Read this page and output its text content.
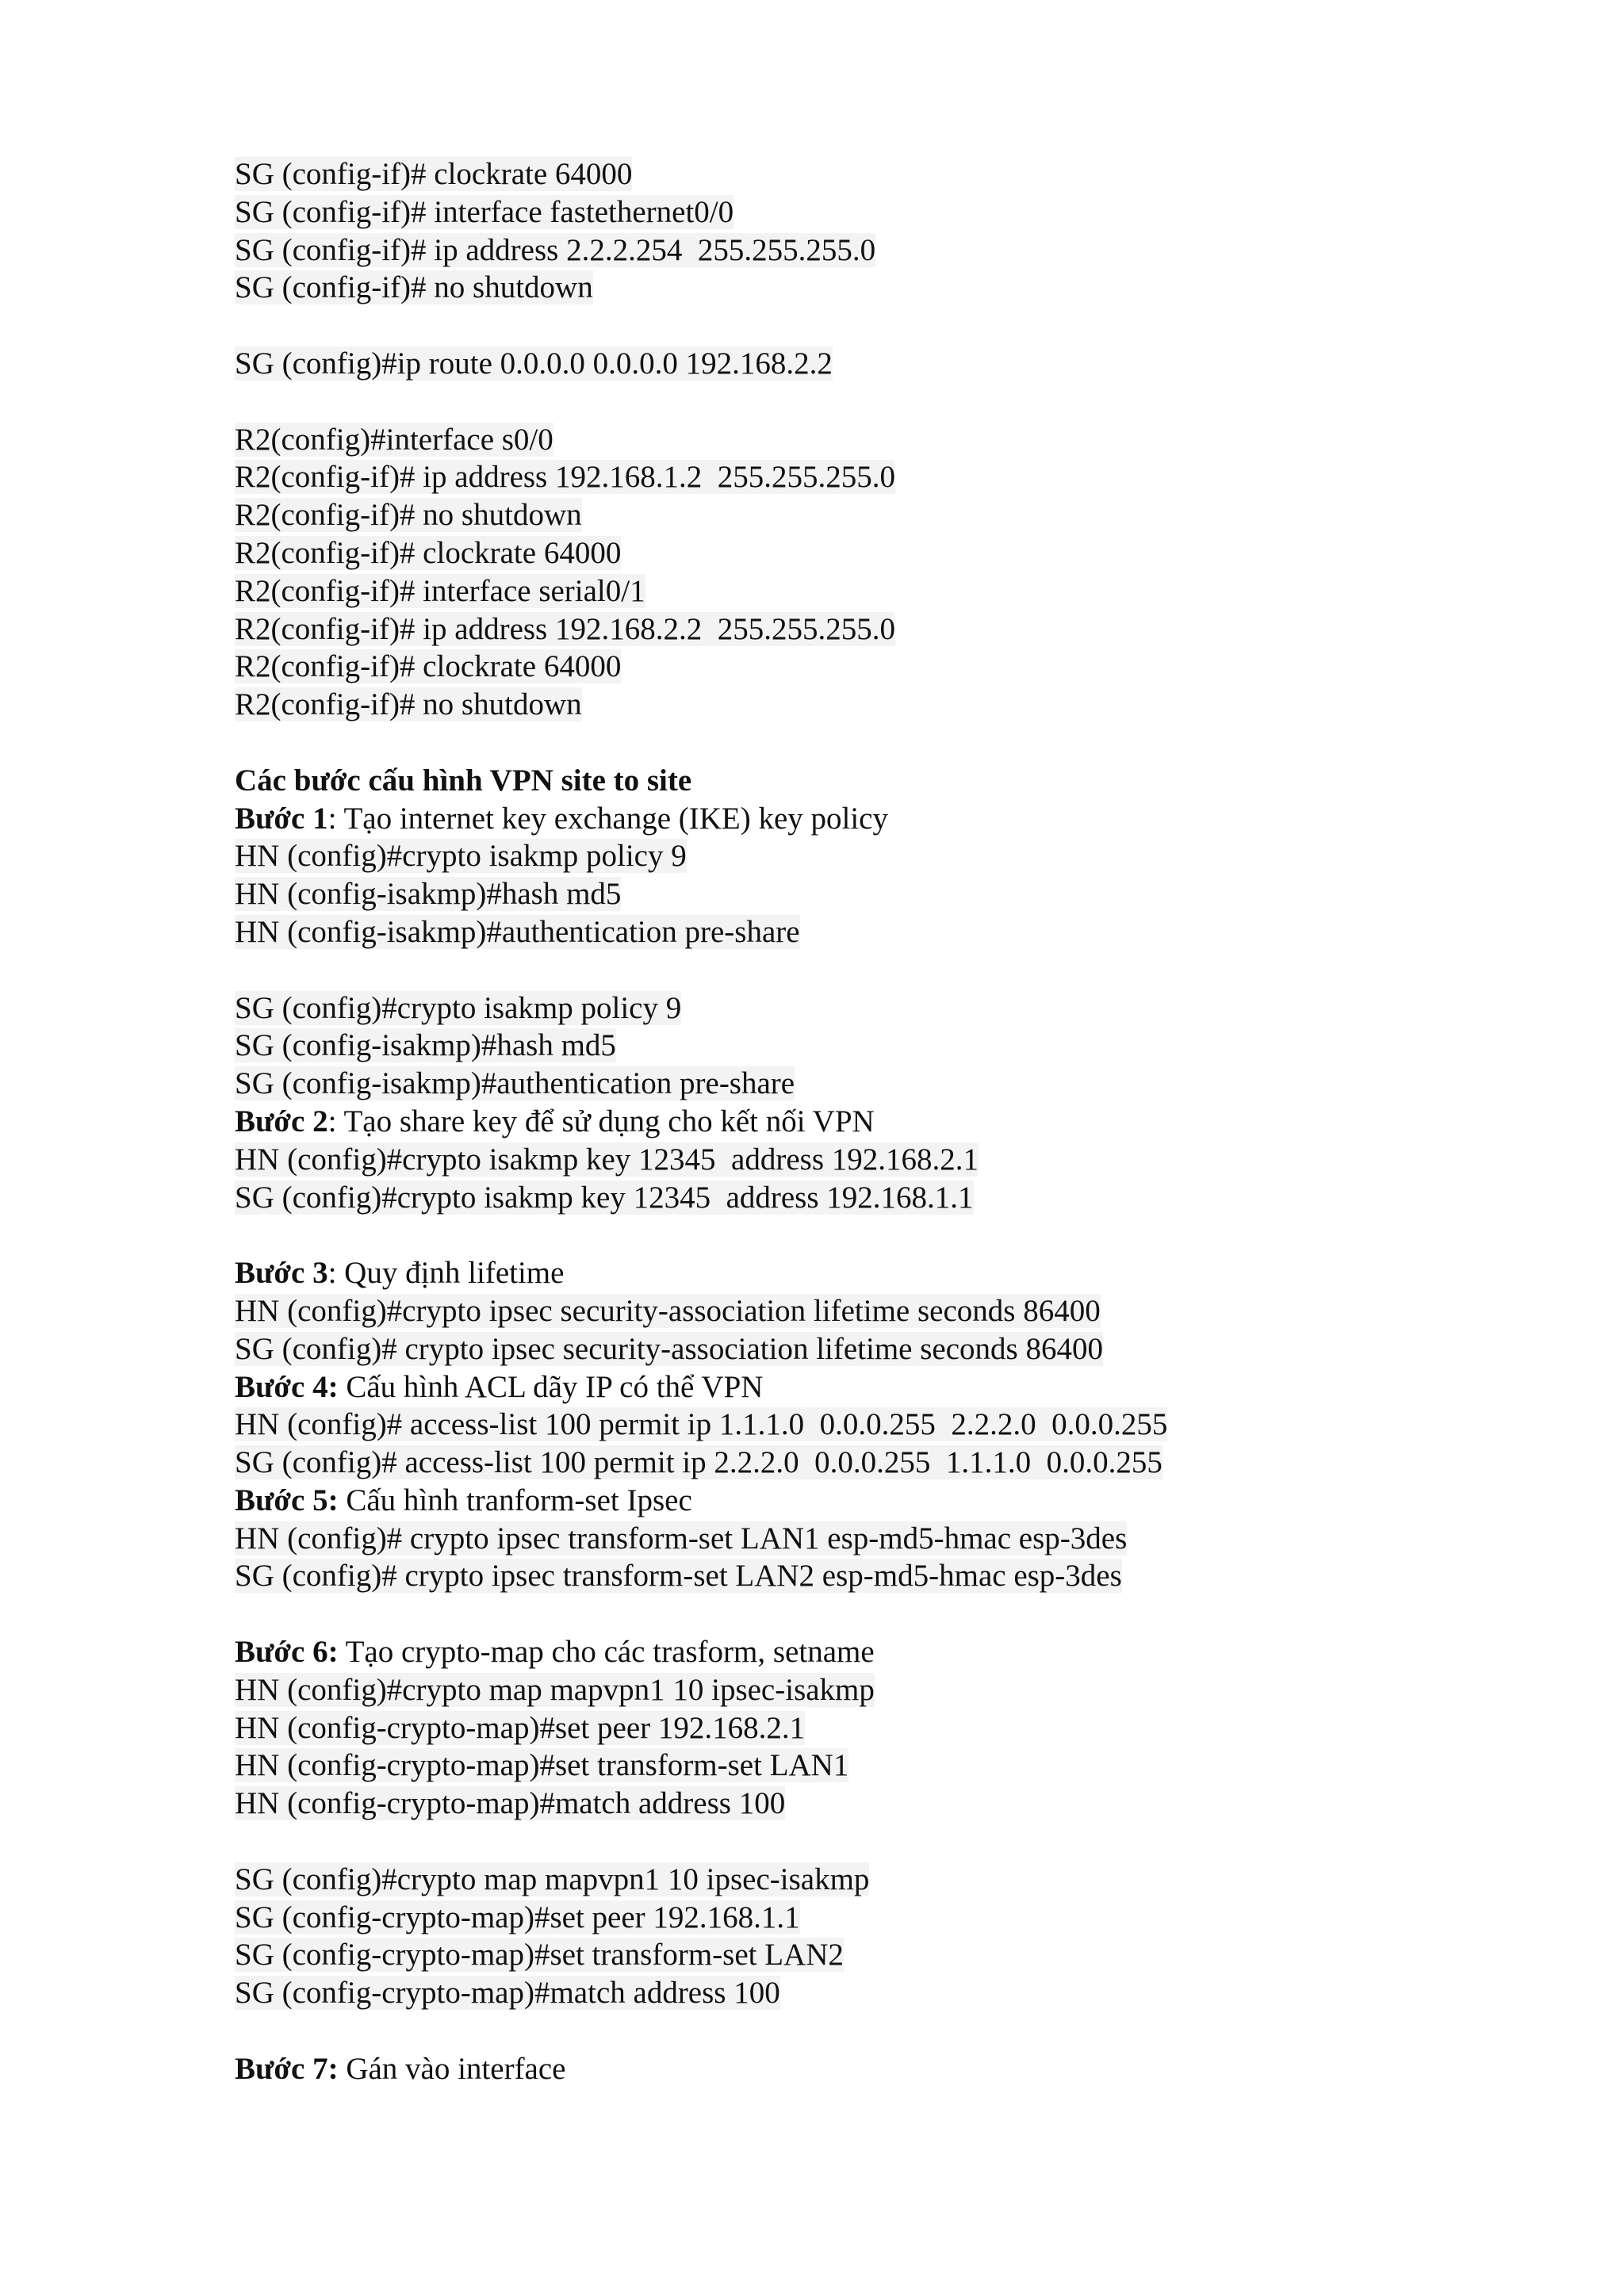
SG (config-if)# clockrate 64000
SG (config-if)# interface fastethernet0/0
SG (config-if)# ip address 2.2.2.254  255.255.255.0
SG (config-if)# no shutdown
SG (config)#ip route 0.0.0.0 0.0.0.0 192.168.2.2
R2(config)#interface s0/0
R2(config-if)# ip address 192.168.1.2  255.255.255.0
R2(config-if)# no shutdown
R2(config-if)# clockrate 64000
R2(config-if)# interface serial0/1
R2(config-if)# ip address 192.168.2.2  255.255.255.0
R2(config-if)# clockrate 64000
R2(config-if)# no shutdown
Các bước cấu hình VPN site to site
Bước 1: Tạo internet key exchange (IKE) key policy
HN (config)#crypto isakmp policy 9
HN (config-isakmp)#hash md5
HN (config-isakmp)#authentication pre-share
SG (config)#crypto isakmp policy 9
SG (config-isakmp)#hash md5
SG (config-isakmp)#authentication pre-share
Bước 2: Tạo share key để sử dụng cho kết nối VPN
HN (config)#crypto isakmp key 12345  address 192.168.2.1
SG (config)#crypto isakmp key 12345  address 192.168.1.1
Bước 3: Quy định lifetime
HN (config)#crypto ipsec security-association lifetime seconds 86400
SG (config)# crypto ipsec security-association lifetime seconds 86400
Bước 4: Cấu hình ACL dãy IP có thể VPN
HN (config)# access-list 100 permit ip 1.1.1.0  0.0.0.255  2.2.2.0  0.0.0.255
SG (config)# access-list 100 permit ip 2.2.2.0  0.0.0.255  1.1.1.0  0.0.0.255
Bước 5: Cấu hình tranform-set Ipsec
HN (config)# crypto ipsec transform-set LAN1 esp-md5-hmac esp-3des
SG (config)# crypto ipsec transform-set LAN2 esp-md5-hmac esp-3des
Bước 6: Tạo crypto-map cho các trasform, setname
HN (config)#crypto map mapvpn1 10 ipsec-isakmp
HN (config-crypto-map)#set peer 192.168.2.1
HN (config-crypto-map)#set transform-set LAN1
HN (config-crypto-map)#match address 100
SG (config)#crypto map mapvpn1 10 ipsec-isakmp
SG (config-crypto-map)#set peer 192.168.1.1
SG (config-crypto-map)#set transform-set LAN2
SG (config-crypto-map)#match address 100
Bước 7: Gán vào interface
